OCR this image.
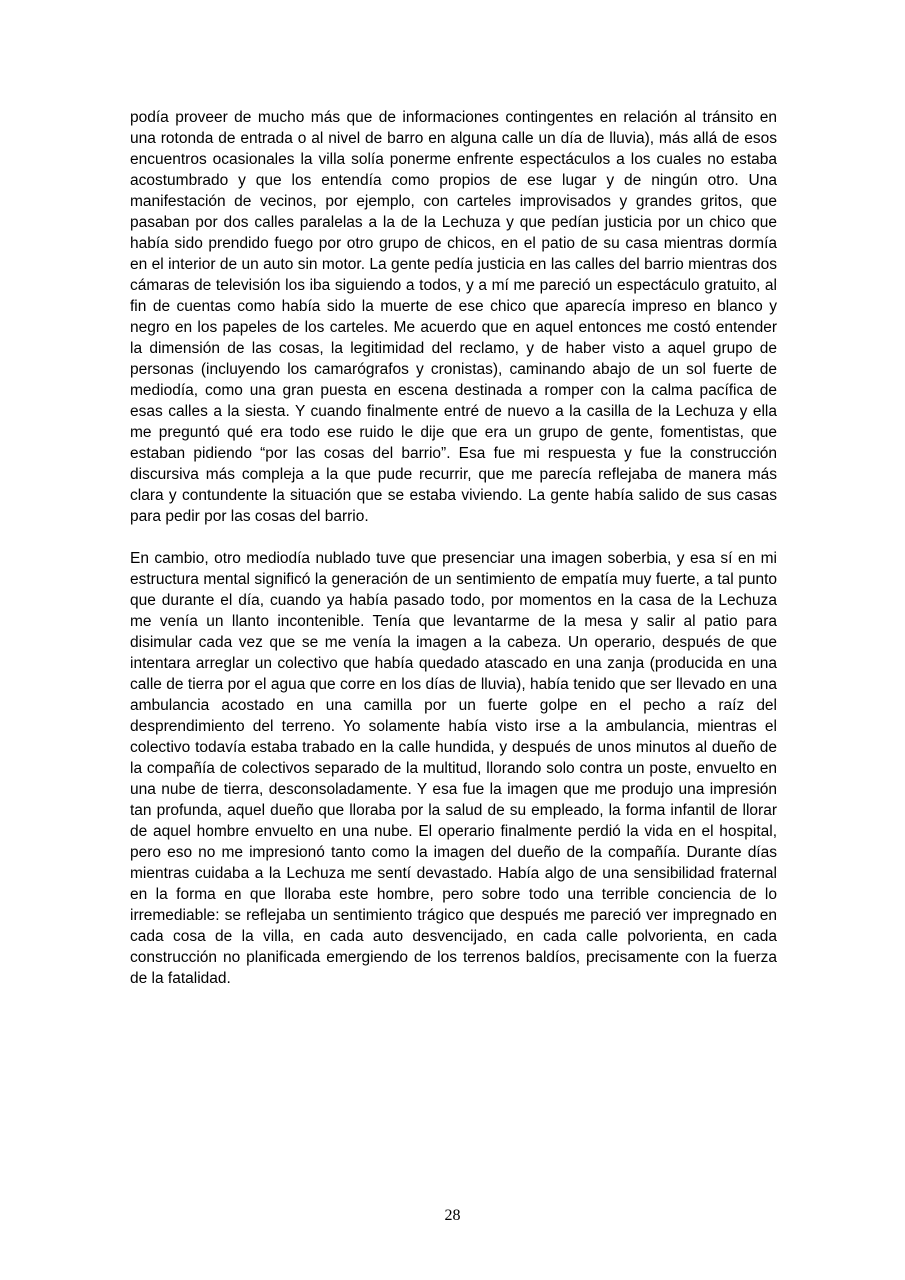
podía proveer de mucho más que de informaciones contingentes en relación al tránsito en una rotonda de entrada o al nivel de barro en alguna calle un día de lluvia), más allá de esos encuentros ocasionales la villa solía ponerme enfrente espectáculos a los cuales no estaba acostumbrado y que los entendía como propios de ese lugar y de ningún otro. Una manifestación de vecinos, por ejemplo, con carteles improvisados y grandes gritos, que pasaban por dos calles paralelas a la de la Lechuza y que pedían justicia por un chico que había sido prendido fuego por otro grupo de chicos, en el patio de su casa mientras dormía en el interior de un auto sin motor. La gente pedía justicia en las calles del barrio mientras dos cámaras de televisión los iba siguiendo a todos, y a mí me pareció un espectáculo gratuito, al fin de cuentas como había sido la muerte de ese chico que aparecía impreso en blanco y negro en los papeles de los carteles. Me acuerdo que en aquel entonces me costó entender la dimensión de las cosas, la legitimidad del reclamo, y de haber visto a aquel grupo de personas (incluyendo los camarógrafos y cronistas), caminando abajo de un sol fuerte de mediodía, como una gran puesta en escena destinada a romper con la calma pacífica de esas calles a la siesta. Y cuando finalmente entré de nuevo a la casilla de la Lechuza y ella me preguntó qué era todo ese ruido le dije que era un grupo de gente, fomentistas, que estaban pidiendo “por las cosas del barrio”. Esa fue mi respuesta y fue la construcción discursiva más compleja a la que pude recurrir, que me parecía reflejaba de manera más clara y contundente la situación que se estaba viviendo. La gente había salido de sus casas para pedir por las cosas del barrio.

En cambio, otro mediodía nublado tuve que presenciar una imagen soberbia, y esa sí en mi estructura mental significó la generación de un sentimiento de empatía muy fuerte, a tal punto que durante el día, cuando ya había pasado todo, por momentos en la casa de la Lechuza me venía un llanto incontenible. Tenía que levantarme de la mesa y salir al patio para disimular cada vez que se me venía la imagen a la cabeza. Un operario, después de que intentara arreglar un colectivo que había quedado atascado en una zanja (producida en una calle de tierra por el agua que corre en los días de lluvia), había tenido que ser llevado en una ambulancia acostado en una camilla por un fuerte golpe en el pecho a raíz del desprendimiento del terreno. Yo solamente había visto irse a la ambulancia, mientras el colectivo todavía estaba trabado en la calle hundida, y después de unos minutos al dueño de la compañía de colectivos separado de la multitud, llorando solo contra un poste, envuelto en una nube de tierra, desconsoladamente. Y esa fue la imagen que me produjo una impresión tan profunda, aquel dueño que lloraba por la salud de su empleado, la forma infantil de llorar de aquel hombre envuelto en una nube. El operario finalmente perdió la vida en el hospital, pero eso no me impresionó tanto como la imagen del dueño de la compañía. Durante días mientras cuidaba a la Lechuza me sentí devastado. Había algo de una sensibilidad fraternal en la forma en que lloraba este hombre, pero sobre todo una terrible conciencia de lo irremediable: se reflejaba un sentimiento trágico que después me pareció ver impregnado en cada cosa de la villa, en cada auto desvencijado, en cada calle polvorienta, en cada construcción no planificada emergiendo de los terrenos baldíos, precisamente con la fuerza de la fatalidad.

28
